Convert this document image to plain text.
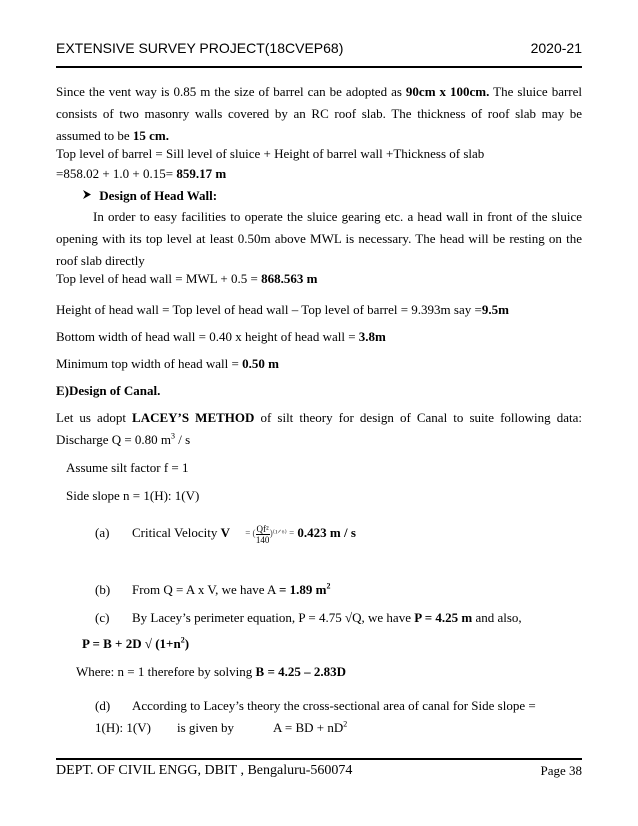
EXTENSIVE SURVEY PROJECT(18CVEP68)	2020-21
Since the vent way is 0.85 m the size of barrel can be adopted as 90cm x 100cm. The sluice barrel consists of two masonry walls covered by an RC roof slab. The thickness of roof slab may be assumed to be 15 cm.
Top level of barrel = Sill level of sluice + Height of barrel wall +Thickness of slab
=858.02 + 1.0 + 0.15= 859.17 m
Design of Head Wall:
In order to easy facilities to operate the sluice gearing etc. a head wall in front of the sluice opening with its top level at least 0.50m above MWL is necessary. The head will be resting on the roof slab directly
Top level of head wall = MWL + 0.5 = 868.563 m
Height of head wall = Top level of head wall – Top level of barrel = 9.393m say =9.5m
Bottom width of head wall = 0.40 x height of head wall = 3.8m
Minimum top width of head wall = 0.50 m
E)Design of Canal.
Let us adopt LACEY’S METHOD of silt theory for design of Canal to suite following data: Discharge Q = 0.80 $m^3$ / s
Assume silt factor f = 1
Side slope n = 1(H): 1(V)
(a) Critical Velocity V = ( $\frac{\text{Qf²}}{140}$ )⁽¹ᐟ⁶⁾ = 0.423 m / s
(b) From Q = A x V, we have A = 1.89 $m^2$
(c) By Lacey’s perimeter equation, P = 4.75 √Q, we have P = 4.25 m and also,
P = B + 2D √ $(1+n^2)$
Where: n = 1 therefore by solving B = 4.25 – 2.83D
(d) According to Lacey’s theory the cross-sectional area of canal for Side slope =
1(H): 1(V) is given by	A = BD + $nD^2$
DEPT. OF CIVIL ENGG, DBIT , Bengaluru-560074	Page 38
